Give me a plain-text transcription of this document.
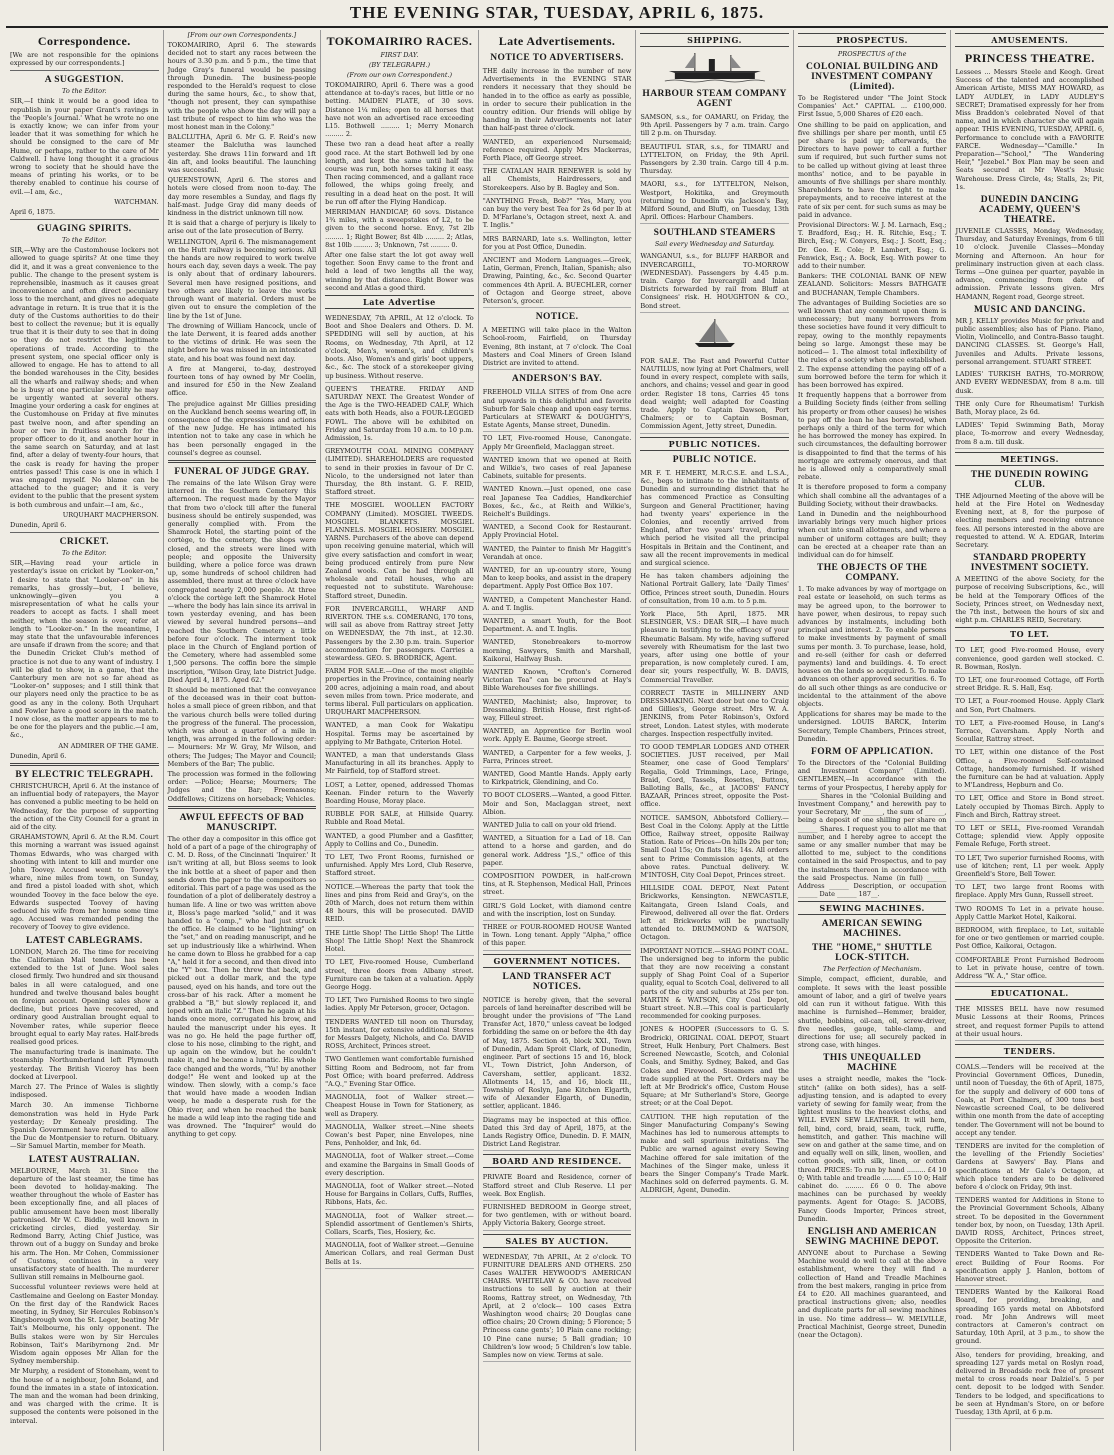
THE EVENING STAR, TUESDAY, APRIL 6, 1875.
Correspondence.

[We are not responsible for the opinions expressed by our correspondents.]

A SUGGESTION.
To the Editor.

SIR,—I think it would be a good idea to republish in your paper Grant's ravings in the 'People's Journal.' What he wrote no one is exactly know; we can infer from your leader that it was something for which he should be consigned to the care of Mr Hume, or perhaps, rather to the care of Mr Caldwell. I have long thought it a gracious wrong to society that he should have the means of printing his works, or to be thereby enabled to continue his course of evil.—I am, &c.,

WATCHMAN.

April 6, 1875.

GUAGING SPIRITS.
To the Editor.

SIR,—Why are the Customhouse lockers not allowed to guage spirits? At one time they did it, and it was a great convenience to the public. The change to the present system is reprehensible, inasmuch as it causes great inconvenience and often direct pecuniary loss to the merchant, and gives no adequate advantage in return. It is true that it is the duty of the Customs authorities to do their best to collect the revenue; but it is equally true that it is their duty to see that in doing so they do not restrict the legitimate operations of trade. According to the present system, one special officer only is allowed to engage. He has to attend to all the bonded warehouses in the City, besides all the wharfs and railway sheds; and when he is busy at one particular locality he may be urgently wanted at several others. Imagine your ordering a cask for engines at the Customhouse on Friday at five minutes past twelve noon, and after spending an hour or two in fruitless search for the proper officer to do it, and another hour in the same search on Saturday, and at last find, after a delay of twenty-four hours, that the cask is ready for having the proper entries passed! This case is one in which I was engaged myself. No blame can be attached to the guager; and it is very evident to the public that the present system is both cumbrous and unfair.—I am, &c.,

URQUHART MACPHERSON.

Dunedin, April 6.

CRICKET.
To the Editor.

SIR,—Having read your article in yesterday's issue on cricket by "Looker-on," I desire to state that "Looker-on" in his remarks, has grossly—but, I believe, unknowingly—given you a misrepresentation of what he calls your readers to accept as facts. I shall meet neither, when the season is over, refer at length to "Looker-on." In the meantime, I may state that the unfavourable inferences are unsafe if drawn from the score; and that the Dunedin Cricket Club's method of practice is not due to any want of industry. I will be glad to show, in a game, that the Canterbury men are not so far ahead as "Looker-on" supposes; and I still think that our players need only the practice to be as good as any in the colony. Both Urquhart and Fowler have a good score in the match. I now close, as the matter appears to me to be one for the players and the public.—I am, &c.,

AN ADMIRER OF THE GAME.

Dunedin, April 6.

BY ELECTRIC TELEGRAPH.

CHRISTCHURCH, April 6. At the instance of an influential body of ratepayers, the Mayor has convened a public meeting to be held on Wednesday, for the purpose of supporting the action of the City Council for a grant in aid of the city.

GRAHAMSTOWN, April 6. At the R.M. Court this morning a warrant was issued against Thomas Edwards, who was charged with shooting with intent to kill and murder one John Toovey. Accused went to Toovey's whare, nine miles from town, on Sunday, and fired a pistol loaded with shot, which wounded Toovey in the face below the eye. Edwards suspected Toovey of having seduced his wife from her home some time ago. Accused was remanded pending the recovery of Toovey to give evidence.

LATEST CABLEGRAMS.

LONDON, March 26. The time for receiving the Californian Mail tenders has been extended to the 1st of June. Wool sales closed firmly. Two hundred and six thousand bales in all were catalogued, and one hundred and twelve thousand bales bought on foreign account. Opening sales show a decline, but prices have recovered, and ordinary good Australian brought equal to November rates, while superior fleece brought equal to early May rates. Half-breds realised good prices.

The manufacturing trade is inanimate. The steamship Northumberland left Plymouth yesterday. The British Viceroy has been docked at Liverpool.

March 27. The Prince of Wales is slightly indisposed.

March 30. An immense Tichborne demonstration was held in Hyde Park yesterday; Dr Kenealy presiding. The Spanish Government have refused to allow the Duc de Montpensier to return. Obituary.—Sir Samuel Martin, member for Meath.

LATEST AUSTRALIAN.

MELBOURNE, March 31. Since the departure of the last steamer, the time has been devoted to holiday-making. The weather throughout the whole of Easter has been exceptionally fine, and all places of public amusement have been most liberally patronised. Mr W. C. Biddle, well known in cricketing circles, died yesterday. Sir Redmond Barry, Acting Chief Justice, was thrown out of a buggy on Sunday and broke his arm. The Hon. Mr Cohen, Commissioner of Customs, continues in a very unsatisfactory state of health. The murderer Sullivan still remains in Melbourne gaol.

Successful volunteer reviews were held at Castlemaine and Geelong on Easter Monday. On the first day of the Randwick Races meeting, in Sydney, Sir Hercules Robinson's Kingsborough won the St. Leger, beating Mr Tait's Melbourne, his only opponent. The Bulls stakes were won by Sir Hercules Robinson, Tait's Maribyrnong 2nd. Mr Wisdom again opposes Mr Allan for the Sydney membership.

Mr Murphy, a resident of Stoneham, went to the house of a neighbour, John Boland, and found the inmates in a state of intoxication. The man and the woman had been drinking, and was charged with the crime. It is supposed the contents were poisoned in the interval.

[From our own Correspondents.]

TOKOMAIRIRO, April 6. The stewards decided not to start any races between the hours of 3.30 p.m. and 5 p.m., the time that Judge Gray's funeral would be passing through Dunedin. The business-people responded to the Herald's request to close during the same hours, &c., to show that, "though not present, they can sympathise with the people who show the day will pay a last tribute of respect to him who was the most honest man in the Colony."

BALCLUTHA, April 6. Mr G. F. Reid's new steamer the Balclutha was launched yesterday. She draws 11in forward and 1ft 4in aft, and looks beautiful. The launching was successful.

QUEENSTOWN, April 6. The stores and hotels were closed from noon to-day. The day more resembles a Sunday, and flags fly half-mast. Judge Gray did many deeds of kindness in the district unknown till now.

It is said that a charge of perjury is likely to arise out of the late prosecution of Berry.

WELLINGTON, April 6. The mismanagement on the Hutt railway is becoming serious. All the hands are now required to work twelve hours each day, seven days a week. The pay is only about that of ordinary labourers. Several men have resigned positions, and two others are likely to leave the works through want of material. Orders must be given out to ensure the completion of the line by the 1st of June.

The drowning of William Hancock, uncle of the late Derwent, it is feared adds another to the victims of drink. He was seen the night before he was missed in an intoxicated state, and his boat was found next day.

A fire at Mangerei, to-day, destroyed fourteen tons of hay owned by Mr Coelin, and insured for £50 in the New Zealand office.

The prejudice against Mr Gillies presiding on the Auckland bench seems wearing off, in consequence of the expressions and actions of the new Judge. He has intimated his intention not to take any case in which he has been personally engaged in the counsel's degree as counsel.

FUNERAL OF JUDGE GRAY.

The remains of the late Wilson Gray were interred in the Southern Cemetery this afternoon. The request made by the Mayor that from two o'clock till after the funeral business should be entirely suspended, was generally complied with. From the Shamrock Hotel, the starting point of the cortège, to the cemetery, the shops were closed, and the streets were lined with people; and opposite the University building, where a police force was drawn up, some hundreds of school children had assembled, there must at three o'clock have congregated nearly 2,000 people. At three o'clock the cortège left the Shamrock Hotel—where the body has lain since its arrival in town yesterday evening, and has been viewed by several hundred persons—and reached the Southern Cemetery a little before four o'clock. The interment took place in the Church of England portion of the Cemetery, where had assembled some 1,500 persons. The coffin bore the simple inscription, "Wilson Gray, late District Judge. Died April 4, 1875. Aged 62."

It should be mentioned that the conveyance of the deceased was in their coat button-holes a small piece of green ribbon, and that the various church bells were tolled during the progress of the funeral. The procession, which was about a quarter of a mile in length, was arranged in the following order:— Mourners: Mr W. Gray, Mr Wilson, and others; The Judges; The Mayor and Council; Members of the Bar; The public.

The procession was formed in the following order: —Police; Hearse; Mourners; The Judges and the Bar; Freemasons; Oddfellows; Citizens on horseback; Vehicles.

AWFUL EFFECTS OF BAD MANUSCRIPT.

The other day a compositor in this office got hold of a part of a page of the chirography of C. M. D. Ross, of the Cincinnati 'Inquirer.' It isn't writing at all, but Bloss seems to look the ink bottle at a sheet of paper and then sends down the paper to the compositors so editorial. This part of a page was used as the foundation of a plot of deliberately destroy a human life. A line or two was written above it, Bloss's page marked "solid," and it was handed to a "comp.," who had just struck the office. He claimed to be "lightning" on the "set," and on reading manuscript, and he set up industriously like a whirlwind. When he came down to Bloss he grabbed for a cap "A," held it for a second, and then dived into the "Y" box. Then he threw that back, and picked out a dollar mark, and the type paused, eyed on his hands, and tore out the cross-bar of his rack. After a moment he grabbed a "B," but slowly replaced it, and loped with an italic "Z." Then he again at his hands once more, corrugated his brow, and hauled the manuscript under his eyes. It was no go. He held the page further off, close to his nose, climbing to the right, and up again on the window, but he couldn't make it, and he became a lunatic. His whole face changed and the words, "Yu! by another dodge!" He went and looked up at the window. Then slowly, with a comp.'s face that would have made a wooden Indian weep, he made a desperate rush for the Ohio river, and when he reached the bank he made a wild leap into the raging tide and was drowned. The "Inquirer" would do anything to get copy.

TOKOMAIRIRO RACES.
FIRST DAY.
(BY TELEGRAPH.)
(From our own Correspondent.)

TOKOMAIRIRO, April 6. There was a good attendance at to-day's races, but little or no betting. MAIDEN PLATE, of 30 sovs. Distance 1¼ miles; open to all horses that have not won an advertised race exceeding L15. Bothwell ......... 1; Merry Monarch ......... 2.

These two ran a dead heat after a really good race. At the start Bothwell led by one length, and kept the same until half the course was run, both horses taking it easy. Then racing commenced, and a gallant race followed, the whips going freely, and resulting in a dead heat on the post. It will be run off after the Flying Handicap.

MERRIMAN HANDICAP, 60 sovs. Distance 1¾ miles, with a sweepstakes of L2, to be given to the second horse. Envy, 7st 2lb ......... 1; Right Bower, 8st 4lb ......... 2; Atlas, 8st 10lb ......... 3; Unknown, 7st ......... 0.

After one false start the lot got away well together. Soon Envy came to the front and held a lead of two lengths all the way, winning by that distance. Right Bower was second and Atlas a good third.

Late Advertise

WEDNESDAY, 7th APRIL, At 12 o'clock. To Boot and Shoe Dealers and Others. D. M. SPEDDING will sell by auction, at his Rooms, on Wednesday, 7th April, at 12 o'clock, Men's, women's, and children's boots. Also, Women's and girls' boot uppers, &c., &c. The stock of a storekeeper giving up business. Without reserve.

QUEEN'S THEATRE. FRIDAY AND SATURDAY NEXT. The Greatest Wonder of the Age is the TWO-HEADED CALF, Which eats with both Heads, also a FOUR-LEGGED FOWL. The above will be exhibited on Friday and Saturday from 10 a.m. to 10 p.m. Admission, 1s.

GREYMOUTH COAL MINING COMPANY (LIMITED). SHAREHOLDERS are requested to send in their proxies in favour of Dr C. Nicolo, to the undersigned not later than Thursday, the 8th instant. G. F. REID, Stafford street.

THE MOSGIEL WOOLLEN FACTORY COMPANY (Limited). MOSGIEL TWEEDS. MOSGIEL BLANKETS. MOSGIEL FLANNELS. MOSGIEL HOSIERY. MOSGIEL YARNS. Purchasers of the above can depend upon receiving genuine material, which will give every satisfaction and comfort in wear, being produced entirely from pure New Zealand wools. Can be had through all wholesale and retail houses, who are requested not to substitute. Warehouse: Stafford street, Dunedin.

FOR INVERCARGILL, WHARF AND RIVERTON. THE s.s. COMERANG, 170 tons, will sail as above from Rattray street Jetty on WEDNESDAY, the 7th inst., at 12.30. Passengers by the 2.30 p.m. train. Superior accommodation for passengers. Carries a stewardess. GEO. S. BRODRICK, Agent.

FARM FOR SALE.—One of the most eligible properties in the Province, containing nearly 200 acres, adjoining a main road, and about seven miles from town. Price moderate, and terms liberal. Full particulars on application. URQUHART MACPHERSON.

WANTED, a man Cook for Wakatipu Hospital. Terms may be ascertained by applying to Mr Bathgate, Criterion Hotel.

WANTED, a man that understands Glass Manufacturing in all its branches. Apply to Mr Fairfield, top of Stafford street.

LOST, a Letter, opened, addressed Thomas Keenan. Finder return to the Waverly Boarding House, Moray place.

RUBBLE FOR SALE, at Hillside Quarry. Rubble and Road Metal.

WANTED, a good Plumber and a Gasfitter, Apply to Collins and Co., Dunedin.

TO LET, Two Front Rooms, furnished or unfurnished. Apply Mrs Lord, Club Reserve, Stafford street.

NOTICE.—Whereas the party that took the lines and pins from Reid and Gray's, on the 20th of March, does not return them within 48 hours, this will be prosecuted. DAVID REID.

THE Little Shop! The Little Shop! The Little Shop! The Little Shop! Next the Shamrock Hotel.

TO LET, Five-roomed House, Cumberland street, three doors from Albany street. Furniture can be taken at a valuation. Apply George Hogg.

TO LET, Two Furnished Rooms to two single ladies. Apply Mr Peterson, grocer, Octagon.

TENDERS WANTED till noon on Thursday, 15th instant, for extensive additional Stores for Messrs Dalgety, Nichols, and Co. DAVID ROSS, Architect, Princes street.

TWO Gentlemen want comfortable furnished Sitting Room and Bedroom, not far from Post Office; with board preferred. Address "A.Q.," Evening Star Office.

MAGNOLIA, foot of Walker street.—Cheapest House in Town for Stationery, as well as Drapery.

MAGNOLIA, Walker street.—Nine sheets Cowan's best Paper, nine Envelopes, nine Pens, Penholder, and Ink, 6d.

MAGNOLIA, foot of Walker street.—Come and examine the Bargains in Small Goods of every description.

MAGNOLIA, foot of Walker street.—Noted House for Bargains in Collars, Cuffs, Ruffles, Ribbons, Hats, &c.

MAGNOLIA, foot of Walker street.—Splendid assortment of Gentlemen's Shirts, Collars, Scarfs, Ties, Hosiery, &c.

MAGNOLIA, foot of Walker street.—Genuine American Collars, and real German Dust Bells at 1s.

Late Advertisements.
NOTICE TO ADVERTISERS.

THE daily increase in the number of new Advertisements in the EVENING STAR renders it necessary that they should be handed in to the office as early as possible, in order to secure their publication in the country edition. Our friends will oblige by handing in their Advertisements not later than half-past three o'clock.

WANTED, an experienced Nursemaid; reference required. Apply Mrs Mackerras, Forth Place, off George street.

THE CATALAN HAIR RENEWER is sold by all Chemists, Hairdressers, and Storekeepers. Also by B. Bagley and Son.

"ANYTHING Fresh, Bob?" "Yes, Mary, you can buy the very best Tea for 2s 6d per lb at D. M'Farlane's, Octagon street, next A. and T. Inglis."

MRS BARNARD, late s.s. Wellington, letter for you at Post Office, Dunedin.

ANCIENT and Modern Languages.—Greek, Latin, German, French, Italian, Spanish; also Drawing, Painting, &c., &c. Second Quarter commences 4th April. A. BUECHLER, corner of Octagon and George street, above Peterson's, grocer.

NOTICE.

A MEETING will take place in the Walton School-room, Fairfield, on Thursday Evening, 8th instant, at 7 o'clock. The Coal Masters and Coal Miners of Green Island District are invited to attend.

ANDERSON'S BAY.

FREEHOLD VILLA SITES of from One acre and upwards in this delightful and favorite Suburb for Sale cheap and upon easy terms. Particulars at STEWART & DOUGHTY'S, Estate Agents, Manse street, Dunedin.

TO LET, Five-roomed House, Canongate. Apply Mr Greenfield, Maclaggan street.

WANTED known that we opened at Reith and Wilkie's, two cases of real Japanese Cabinets, suitable for presents.

WANTED Known.—Just opened, one case real Japanese Tea Caddies, Handkerchief Boxes, &c., &c., at Reith and Wilkie's, Reichelt's Buildings.

WANTED, a Second Cook for Restaurant. Apply Provincial Hotel.

WANTED, the Painter to finish Mr Haggitt's Verandah at once.

WANTED, for an up-country store, Young Man to keep books, and assist in the drapery department. Apply Post Office Box 107.

WANTED, a Competent Manchester Hand. A. and T. Inglis.

WANTED, a smart Youth, for the Boot Department. A. and T. Inglis.

WANTED, Stonebreakers to-morrow morning, Sawyers, Smith and Marshall, Kaikorai, Halfway Bush.

WANTED Known, "Crofton's Cornered Victorian Tea" can be procured at Hay's Bible Warehouses for five shillings.

WANTED, Machinist; also, Improver, to Dressmaking. British House, first right-of-way, Filleul street.

WANTED, an Apprentice for Berlin wool work. Apply E. Baume, George street.

WANTED, a Carpenter for a few weeks, J. Farra, Princes street.

WANTED, Good Mantle Hands. Apply early to Kirkpatrick, Glendining, and Co.

TO BOOT CLOSERS.—Wanted, a good Fitter. Moir and Son, Maclaggan street, next Albion.

WANTED Julia to call on your old friend.

WANTED, a Situation for a Lad of 18. Can attend to a horse and garden, and do general work. Address "J.S.," office of this paper.

COMPOSITION POWDER, in half-crown tins, at R. Stephenson, Medical Hall, Princes street.

GIRL'S Gold Locket, with diamond centre and with the inscription, lost on Sunday.

THREE or FOUR-ROOMED HOUSE Wanted in Town. Long tenant. Apply "Alpha," office of this paper.

GOVERNMENT NOTICES.
LAND TRANSFER ACT NOTICES.

NOTICE is hereby given, that the several parcels of land hereinafter described will be brought under the provisions of "The Land Transfer Act, 1870," unless caveat be lodged forbidding the same on or before the 4th day of May, 1875. Section 45, block XXI., Town of Dunedin, Adam Sproit Clark, of Dunedin, engineer. Part of sections 15 and 16, block VI., Town District, John Anderson, of Caversham, settler, applicant. 1832. Allotments 14, 15, and 16, block III., Township of Roslyn, Jane Kitchen Elgarth, wife of Alexander Elgarth, of Dunedin, settler, applicant. 1846.

Diagrams may be inspected at this office. Dated this 3rd day of April, 1875, at the Lands Registry Office, Dunedin. D. F. MAIN, District Land Registrar.

BOARD AND RESIDENCE.

PRIVATE Board and Residence, corner of Stafford street and Club Reserve. L1 per week. Box English.

FURNISHED BEDROOM in George street, for two gentlemen, with or without board. Apply Victoria Bakery, George street.

SALES BY AUCTION.

WEDNESDAY, 7th APRIL, At 2 o'clock. TO FURNITURE DEALERS AND OTHERS. 250 Cases WALTER HEYWOOD'S AMERICAN CHAIRS. WHITELAW & CO. have received instructions to sell by auction at their Rooms, Rattray street, on Wednesday, 7th April, at 2 o'clock— 100 cases Extra Washington wood chairs; 20 Douglas cane office chairs; 20 Crown dining; 5 Florence; 5 Princess cane gents'; 10 Plain cane rocking; 10 Pine cane nurse; 5 Ball gradian; 10 Children's low wood; 5 Children's low table. Samples now on view. Terms at sale.

SHIPPING.
HARBOUR STEAM COMPANY AGENT

SAMSON, s.s., for OAMARU, on Friday, the 9th April. Passengers by 7 a.m. train. Cargo till 2 p.m. on Thursday.

BEAUTIFUL STAR, s.s., for TIMARU and LYTTELTON, on Friday, the 9th April. Passengers by 2.30 train. Cargo till 4 p.m. Thursday.

MAORI, s.s., for LYTTELTON, Nelson, Westport, Hokitika, and Greymouth (returning to Dunedin via Jackson's Bay, Milford Sound, and Bluff), on Tuesday, 13th April. Offices: Harbour Chambers.

SOUTHLAND STEAMERS
Sail every Wednesday and Saturday.

WANGANUI, s.s., for BLUFF HARBOR and INVERCARGILL, TO-MORROW (WEDNESDAY). Passengers by 4.45 p.m. train. Cargo for Invercargill and Inlan Districts forwarded by rail from Bluff at Consignees' risk. H. HOUGHTON & CO., Bond street.

FOR SALE. The Fast and Powerful Cutter NAUTILUS, now lying at Port Chalmers, well found in every respect, complete with sails, anchors, and chains; vessel and gear in good order. Register 18 tons, Carries 45 tons dead weight; well adapted for Coasting trade. Apply to Captain Dawson, Port Chalmers; or to Captain Bosman, Commission Agent, Jetty street, Dunedin.

PUBLIC NOTICES.
PUBLIC NOTICE.

MR F. T. HEMERT, M.R.C.S.E. and L.S.A., &c., begs to intimate to the inhabitants of Dunedin and surrounding district that he has commenced Practice as Consulting Surgeon and General Practitioner, having had twenty years' experience in the Colonies, and recently arrived from England, after two years' travel, during which period he visited all the principal Hospitals in Britain and the Continent, and saw all the recent improvements in medical and surgical science.

He has taken chambers adjoining the National Portrait Gallery, late 'Daily Times' Office, Princes street south, Dunedin. Hours of consultation, from 10 a.m. to 5 p.m.

York Place, 5th April, 1875. MR SLESINGER, V.S.: DEAR SIR,—I have much pleasure in testifying to the efficacy of your Rheumatic Balsam. My wife, having suffered severely with Rheumatism for the last two years, after using one bottle of your preparation, is now completely cured. I am, dear sir, yours respectfully, W. B. DAVIS, Commercial Traveller.

CORRECT TASTE in MILLINERY AND DRESSMAKING. Next door but one to Craig and Gillies's, George street. Mrs W. A. JENKINS, from Peter Robinson's, Oxford street, London. Latest styles, with moderate charges. Inspection respectfully invited.

TO GOOD TEMPLAR LODGES AND OTHER SOCIETIES. JUST received, per Mail Steamer, one case of Good Templars' Regalia, Gold Trimmings, Lace, Fringe, Braid, Cord, Tassels, Rosettes, Buttons, Balloting Balls, &c., at JACOBS' FANCY BAZAAR, Princes street, opposite the Post-office.

NOTICE. SAMSON, Abbotsford Colliery.—Best Coal in the Colony. Apply at the Little Office, Railway street, opposite Railway Station. Rate of Prices—On hills 20s per ton; Small Coal 15s; On flats 18s; 14s. All orders sent to Prime Commission agents, at the above rates. Punctual delivery. W. M'INTOSH, City Coal Depot, Princes street.

HILLSIDE COAL DEPOT, Next Patent Brickworks, Kensington. NEWCASTLE, Kaitangata, Green Island Coals, and Firewood, delivered all over the flat. Orders left at Brickworks will be punctually attended to. DRUMMOND & WATSON, Octagon.

IMPORTANT NOTICE.—SHAG POINT COAL. The undersigned beg to inform the public that they are now receiving a constant supply of Shag Point Coal of a Superior quality, equal to Scotch Coal, delivered to all parts of the city and suburbs at 25s per ton. MARTIN & WATSON, City Coal Depot, Stuart street. N.B.—This coal is particularly recommended for cooking purposes.

JONES & HOOPER (Successors to G. S. Brodrick), ORIGINAL COAL DEPOT, Stuart Street, Hulk Henbury, Port Chalmers. Best Screened Newcastle, Scotch, and Colonial Coals, and Smithy. Sydney, Baked, and Gas Cokes and Firewood. Steamers and the trade supplied at the Port. Orders may be left at Mr Brodrick's office, Custom House Square; at Mr Sutherland's Store, George street; or at the Coal Depot.

CAUTION. THE high reputation of the Singer Manufacturing Company's Sewing Machines has led to numerous attempts to make and sell spurious imitations. The Public are warned against every Sewing Machine offered for sale imitation of the Machines of the Singer make, unless it bears the Singer Company's Trade Mark. Machines sold on deferred payments. G. M. ALDRIGH, Agent, Dunedin.

PROSPECTUS.
PROSPECTUS of the
COLONIAL BUILDING AND INVESTMENT COMPANY (Limited).

To be Registered under "The Joint Stock Companies' Act." CAPITAL ... £100,000. First Issue, 5,000 Shares of £20 each.

One shilling to be paid on application, and five shillings per share per month, until £5 per share is paid up; afterwards, the Directors to have power to call a further sum if required, but such further sums not to be called up without giving at least three months' notice, and to be payable in amounts of five shillings per share monthly. Shareholders to have the right to make prepayments, and to receive interest at the rate of six per cent. for such sums as may be paid in advance.

Provisional Directors: W. J. M. Larnach, Esq.; T. Bradford, Esq.; H. R. Ritchie, Esq.; T. Birch, Esq.; W. Conyers, Esq.; J. Scott, Esq.; Dr. Geo. E. Cole; P. Lambert, Esq.; G. Fenwick, Esq.; A. Bock, Esq. With power to add to their number.

Bankers: THE COLONIAL BANK OF NEW ZEALAND. Solicitors: Messrs BATHGATE and BUCHANAN, Temple Chambers.

The advantages of Building Societies are so well known that any comment upon them is unnecessary; but many borrowers from these societies have found it very difficult to repay, owing to the monthly repayments being so large. Amongst these may be noticed— 1. The almost total inflexibility of the rules of a society when once established. 2. The expense attending the paying off of a sum borrowed before the term for which it has been borrowed has expired.

It frequently happens that a borrower from a Building Society finds (either from selling his property or from other causes) he wishes to pay off the loan he has borrowed, when perhaps only a third of the term for which he has borrowed the money has expired. In such circumstances, the defaulting borrower is disappointed to find that the terms of his mortgage are extremely onerous, and that he is allowed only a comparatively small rebate.

It is therefore proposed to form a company which shall combine all the advantages of a Building Society, without their drawbacks.

Land in Dunedin and the neighbourhood invariably brings very much higher prices when cut into small allotments, and where a number of uniform cottages are built; they can be erected at a cheaper rate than an individual can do for himself.

THE OBJECTS OF THE COMPANY.

1. To make advances by way of mortgage on real estate or leasehold, on such terms as may be agreed upon, to the borrower to have power, when desirous, to repay such advances by instalments, including both principal and interest. 2. To enable persons to make investments by payment of small sums per month. 3. To purchase, lease, hold, and re-sell (either for cash or deferred payments) land and buildings. 4. To erect houses on the lands so acquired. 5. To make advances on other approved securities. 6. To do all such other things as are conducive or incidental to the attainment of the above objects.

Applications for shares may be made to the undersigned. LOUIS BARCK, Interim Secretary, Temple Chambers, Princes street, Dunedin.

FORM OF APPLICATION.

To the Directors of the "Colonial Building and Investment Company" (Limited). GENTLEMEN,—In accordance with the terms of your Prospectus, I hereby apply for ______ Shares in the "Colonial Building and Investment Company," and herewith pay to your Secretary, Mr ______, the sum of ______, being a deposit of one shilling per share on ______ Shares. I request you to allot me that number, and I hereby agree to accept the same or any smaller number that may be allotted to me, subject to the conditions contained in the said Prospectus, and to pay the instalments thereon in accordance with the said Prospectus. Name (in full) ______ Address ______ Description, or occupation ______ Date ______ 187__.

SEWING MACHINES.
AMERICAN SEWING MACHINES.
THE "HOME," SHUTTLE LOCK-STITCH.
The Perfection of Mechanism.

Simple, compact, efficient, durable, and complete. It sews with the least possible amount of labor, and a girl of twelve years old can run it without fatigue. With this machine is furnished—Hemmer, braider, shuttle, bobbins, oil-can, oil, screw-driver, five needles, gauge, table-clamp, and directions for use; all securely packed in strong case, with hinges.

THIS UNEQUALLED MACHINE

uses a straight needle, makes the "lock-stitch" (alike on both sides), has a self-adjusting tension, and is adapted to every variety of sewing for family wear, from the lightest muslins to the heaviest cloths, and WILL EVEN SEW LEATHER. It will hem, fell, bind, cord, braid, seam, tuck, ruffle, hemstitch, and gather. This machine will sew on and gather at the same time, and on and equally well on silk, linen, woollen, and cotton goods, with silk, linen, or cotton thread. PRICES: To run by hand ......... £4 10 0; With table and treadle ......... £5 10 0; Half cabinet do. ......... £6 0 0. The above machines can be purchased by weekly payments. Agent for Otago: S. JACOBS, Fancy Goods Importer, Princes street, Dunedin.

ENGLISH AND AMERICAN SEWING MACHINE DEPOT.

ANYONE about to Purchase a Sewing Machine would do well to call at the above establishment, where they will find a collection of Hand and Treadle Machines from the best makers, ranging in price from £4 to £20. All machines guaranteed, and practical instructions given; also, needles and duplicate parts for all sewing machines in use. No time address— W. MELVILLE, Practical Machinist, George street, Dunedin (near the Octagon).

AMUSEMENTS.
PRINCESS THEATRE.

Lessees ... Messrs Steele and Keogh. Great Success of the talented and accomplished American Artiste, MISS MAY HOWARD, as LADY AUDLEY, in LADY AUDLEY'S SECRET; Dramatised expressly for her from Miss Braddon's celebrated Novel of that name, and in which character she will again appear. THIS EVENING, TUESDAY, APRIL 6, Performance to conclude with a FAVORITE FARCE. Wednesday—"Camille." In Preparation—"School," "The Wandering Heir," "Jezebel." Box Plan may be seen and Seats secured at Mr West's Music Warehouse. Dress Circle, 4s; Stalls, 2s; Pit, 1s.

DUNEDIN DANCING ACADEMY, QUEEN'S THEATRE.

JUVENILE CLASSES, Monday, Wednesday, Thursday, and Saturday Evenings, from 6 till 10 o'clock. Juvenile Classes—Monday Morning and Afternoon. An hour for preliminary instruction given at each class. Terms —One guinea per quarter, payable in advance, commencing from date of admission. Private lessons given. Mrs HAMANN, Regent road, George street.

MUSIC AND DANCING.

MR J. KELLY provides Music for private and public assemblies; also has of Piano. Piano, Violin, Violincello, and Contra-Basso taught. DANCING CLASSES. St. George's Hall, Juveniles and Adults. Private lessons, personal arrangement. STUART STREET.

LADIES' TURKISH BATHS, TO-MORROW, AND EVERY WEDNESDAY, from 8 a.m. till dusk.

THE only Cure for Rheumatism! Turkish Bath, Moray place, 2s 6d.

LADIES' Tepid Swimming Bath, Moray place, To-morrow and every Wednesday, from 8 a.m. till dusk.

MEETINGS.
THE DUNEDIN ROWING CLUB.

THE Adjourned Meeting of the above will be held at the Fire Hotel on Wednesday Evening next, at 8, for the purpose of electing members and receiving entrance fees. All persons interested in the above are requested to attend. W. A. EDGAR, Interim Secretary.

STANDARD PROPERTY INVESTMENT SOCIETY.

A MEETING of the above Society, for the purpose of receiving Subscriptions, &c., will be held at the Temporary Offices of the Society, Princes street, on Wednesday next, the 7th inst., between the hours of six and eight p.m. CHARLES REID, Secretary.

TO LET.

TO LET, good Five-roomed House, every convenience, good garden well stocked. C. R. Bowman, Roslyn.

TO LET, one four-roomed Cottage, off Forth street Bridge. R. S. Hall, Esq.

TO LET, a Four-roomed House. Apply Clark and Son, Port Chalmers.

TO LET, a Five-roomed House, in Lang's Terrace, Caversham. Apply North and Scoullar, Rattray street.

TO LET, within one distance of the Post Office, a Five-roomed Self-contained Cottage, handsomely furnished. If wished the furniture can be had at valuation. Apply to M'Landress, Hepburn and Co.

TO LET, Office and Store in Bond street. Lately occupied by Thomas Birch. Apply to Finch and Birch, Rattray street.

TO LET or SELL, Five-roomed Verandah Cottage; splendid view. Apply opposite Female Refuge, Forth street.

TO LET, Two superior furnished Rooms, with use of kitchen; rent, L1 per week. Apply Greenfield's Store, Bell Tower.

TO LET, two large front Rooms with fireplace. Apply Mrs Gunn, Russell street.

TWO ROOMS To Let in a private house. Apply Cattle Market Hotel, Kaikorai.

BEDROOM, with fireplace, to Let, suitable for one or two gentlemen or married couple. Post Office, Kaikorai, Octagon.

COMFORTABLE Front Furnished Bedroom to Let in private house, centre of town. Address "W. A.," Star office.

EDUCATIONAL.

THE MISSES BELL have now resumed Music Lessons at their Rooms, Princes street, and request former Pupils to attend at their usual hours.

TENDERS.

COALS.—Tenders will be received at the Provincial Government Offices, Dunedin, until noon of Tuesday, the 6th of April, 1875, for the supply and delivery of 600 tons of Coals, at Port Chalmers, of 300 tons best Newcastle screened Coal, to be delivered within one month from the date of accepting tender. The Government will not be bound to accept any tender.

TENDERS are invited for the completion of the levelling of the Friendly Societies' Gardens at Sawyers' Bay. Plans and specifications at Mr Gale's Octagon, at which place tenders are to be delivered before 4 o'clock on Friday, 9th inst.

TENDERS wanted for Additions in Stone to the Provincial Government Schools, Albany street. To be deposited in the Government tender box, by noon, on Tuesday, 13th April. DAVID ROSS, Architect, Princes street, Opposite the Criterion.

TENDERS Wanted to Take Down and Re-erect Building of Four Rooms. For specification apply J. Hanlon, bottom of Hanover street.

TENDERS Wanted by the Kaikorai Road Board, for providing, breaking, and spreading 165 yards metal on Abbotsford road. Mr John Andrews will meet contractors at Cameron's contract on Saturday, 10th April, at 3 p.m., to show the ground.

Also, tenders for providing, breaking, and spreading 127 yards metal on Roslyn road, delivered in Broadside rock free of present metal to cross roads near Dalziel's. 5 per cent. deposit to be lodged with Sender. Tenders to be lodged, and specifications to be seen at Hyndman's Store, on or before Tuesday, 13th April, at 6 p.m.
